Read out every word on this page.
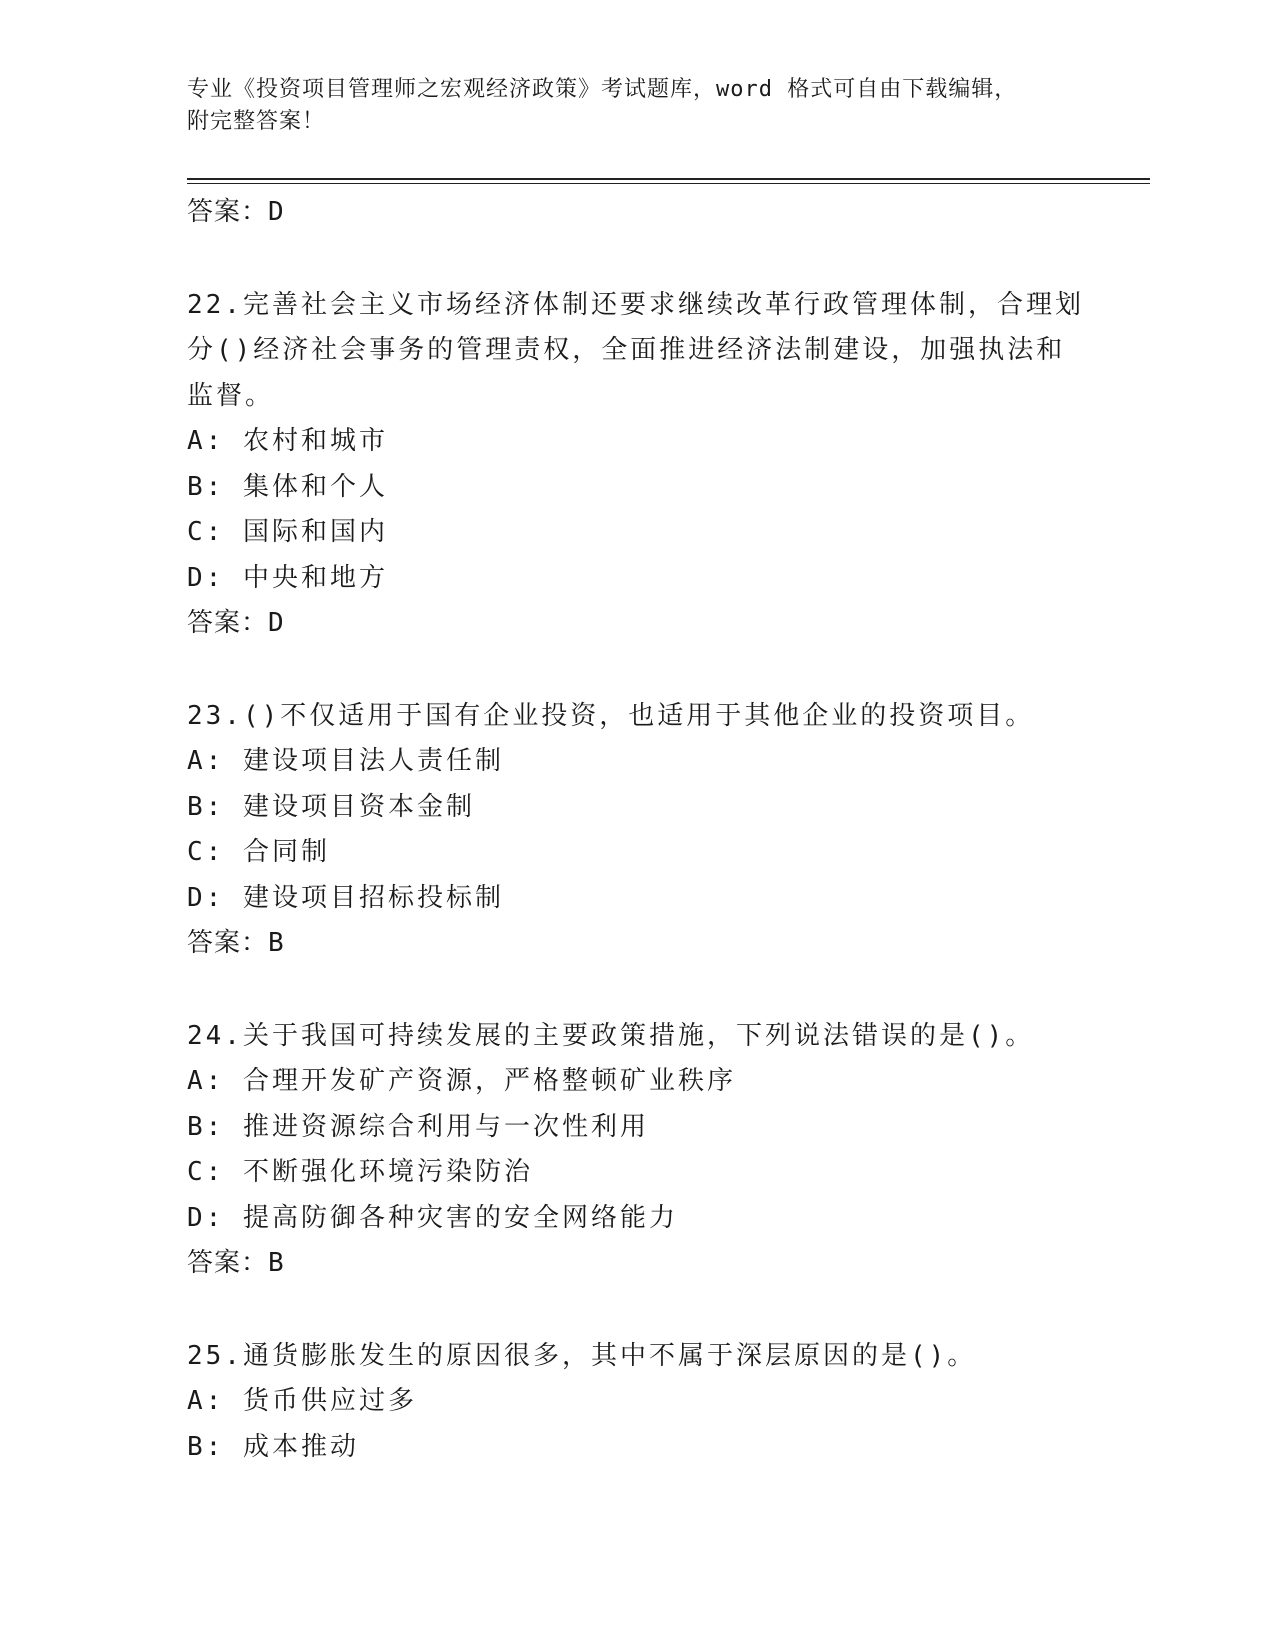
专业《投资项目管理师之宏观经济政策》考试题库，word 格式可自由下载编辑，
附完整答案！
答案：D
22.完善社会主义市场经济体制还要求继续改革行政管理体制，合理划
分()经济社会事务的管理责权，全面推进经济法制建设，加强执法和
监督。
A: 农村和城市
B: 集体和个人
C: 国际和国内
D: 中央和地方
答案：D
23.()不仅适用于国有企业投资，也适用于其他企业的投资项目。
A: 建设项目法人责任制
B: 建设项目资本金制
C: 合同制
D: 建设项目招标投标制
答案：B
24.关于我国可持续发展的主要政策措施，下列说法错误的是()。
A: 合理开发矿产资源，严格整顿矿业秩序
B: 推进资源综合利用与一次性利用
C: 不断强化环境污染防治
D: 提高防御各种灾害的安全网络能力
答案：B
25.通货膨胀发生的原因很多，其中不属于深层原因的是()。
A: 货币供应过多
B: 成本推动
